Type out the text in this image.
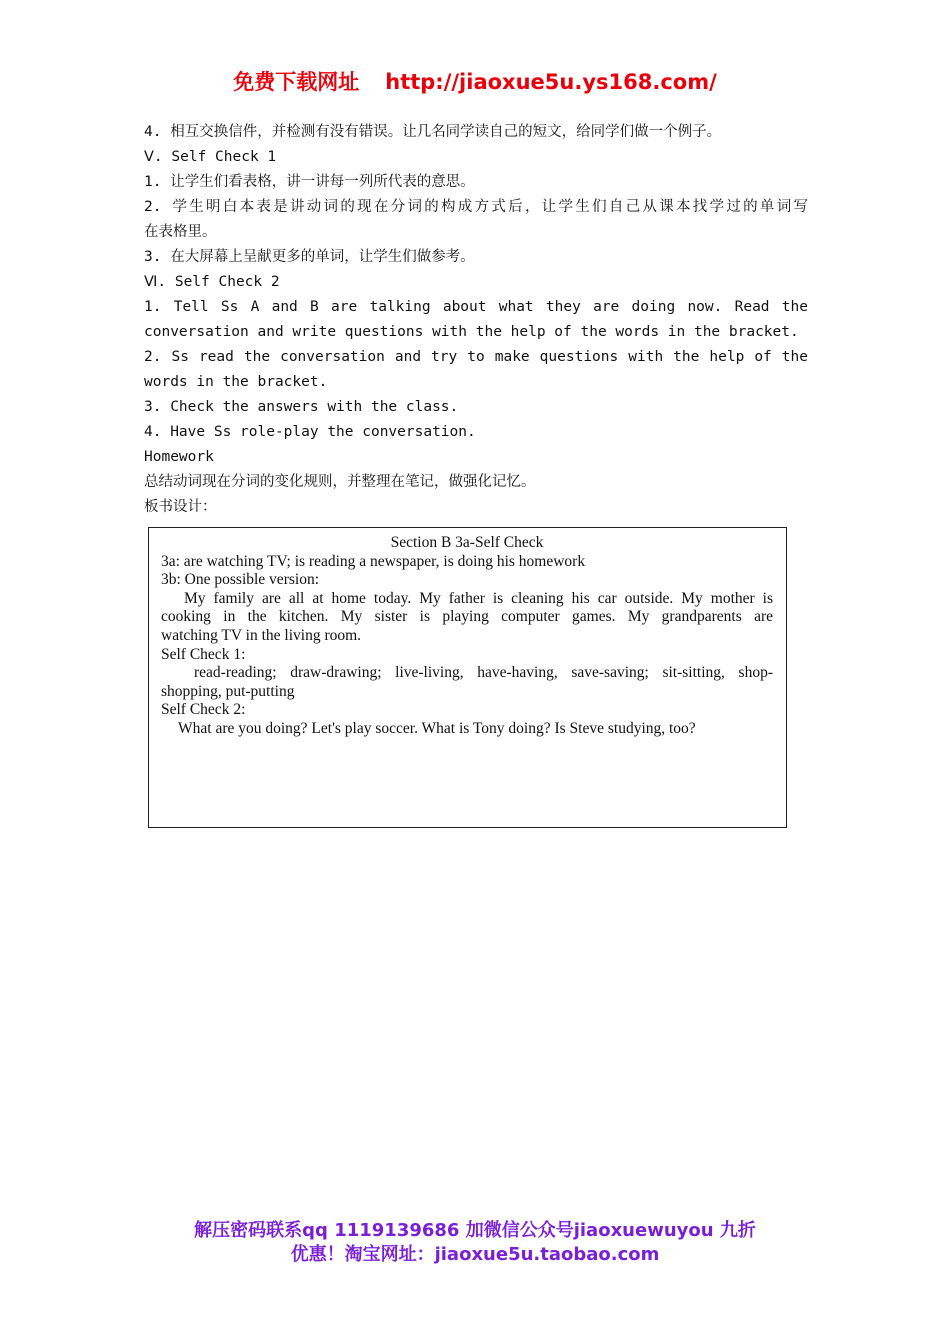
免费下载网址 http://jiaoxue5u.ys168.com/
4. 相互交换信件，并检测有没有错误。让几名同学读自己的短文，给同学们做一个例子。
Ⅴ. Self Check 1
1. 让学生们看表格，讲一讲每一列所代表的意思。
2. 学生明白本表是讲动词的现在分词的构成方式后，让学生们自己从课本找学过的单词写
在表格里。
3. 在大屏幕上呈献更多的单词，让学生们做参考。
Ⅵ. Self Check 2
1. Tell Ss A and B are talking about what they are doing now. Read the
conversation and write questions with the help of the words in the bracket.
2. Ss read the conversation and try to make questions with the help of the
words in the bracket.
3. Check the answers with the class.
4. Have Ss role-play the conversation.
Homework
总结动词现在分词的变化规则，并整理在笔记，做强化记忆。
板书设计：
Section B 3a-Self Check
3a: are watching TV; is reading a newspaper, is doing his homework
3b: One possible version:
My family are all at home today. My father is cleaning his car outside. My mother is
cooking in the kitchen. My sister is playing computer games. My grandparents are
watching TV in the living room.
Self Check 1:
read-reading; draw-drawing; live-living, have-having, save-saving; sit-sitting, shop-
shopping, put-putting
Self Check 2:
What are you doing? Let's play soccer. What is Tony doing? Is Steve studying, too?
解压密码联系qq 1119139686 加微信公众号jiaoxuewuyou 九折
优惠！淘宝网址：jiaoxue5u.taobao.com
